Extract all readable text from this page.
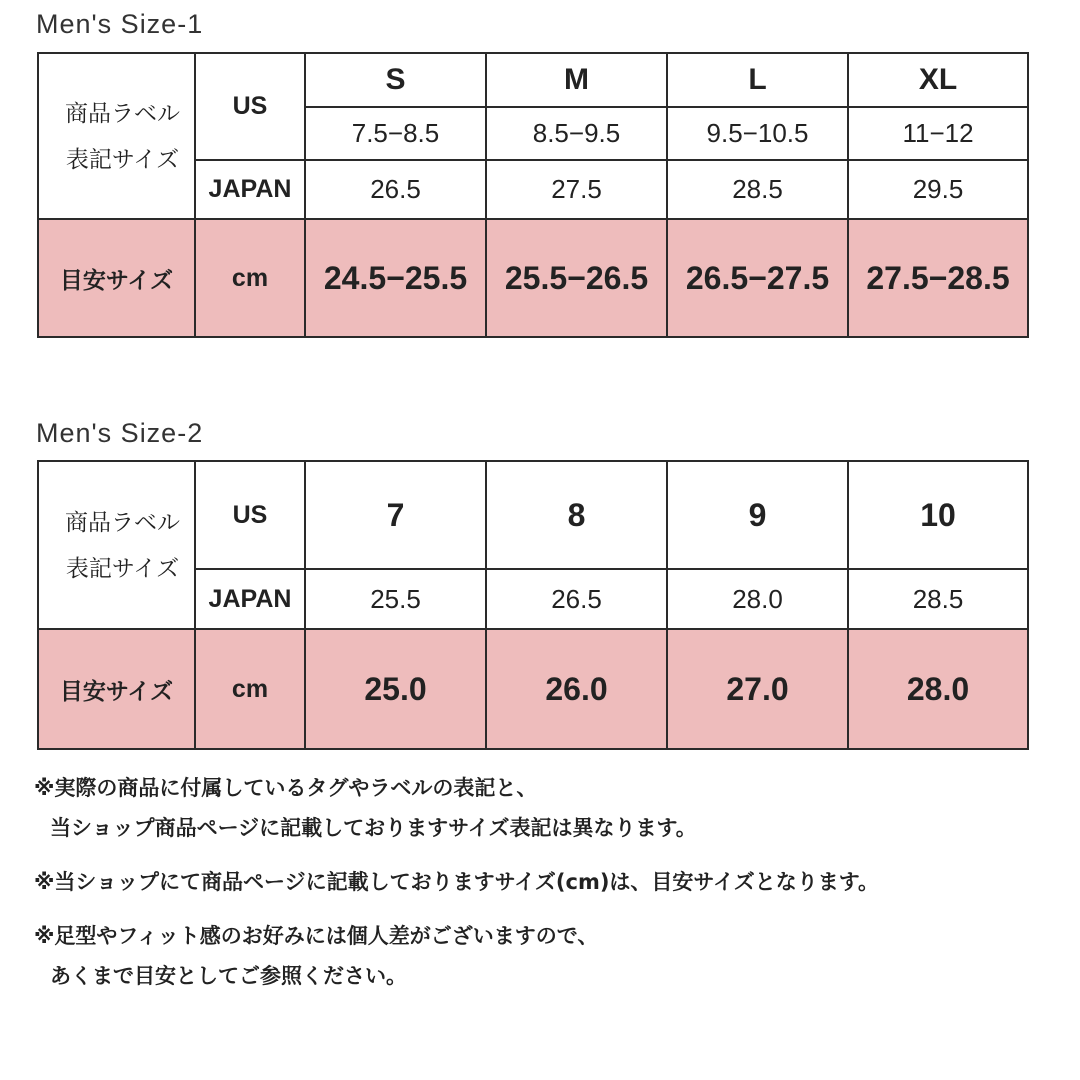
Men's Size-1
商品ラベル
表記サイズ	US	S	M	L	XL
		7.5−8.5	8.5−9.5	9.5−10.5	11−12
	JAPAN	26.5	27.5	28.5	29.5
目安サイズ	cm	24.5−25.5	25.5−26.5	26.5−27.5	27.5−28.5
Men's Size-2
商品ラベル
表記サイズ	US	7	8	9	10
	JAPAN	25.5	26.5	28.0	28.5
目安サイズ	cm	25.0	26.0	27.0	28.0

※実際の商品に付属しているタグやラベルの表記と、

当ショップ商品ページに記載しておりますサイズ表記は異なります。

※当ショップにて商品ページに記載しておりますサイズ(cm)は、目安サイズとなります。

※足型やフィット感のお好みには個人差がございますので、

あくまで目安としてご参照ください。
